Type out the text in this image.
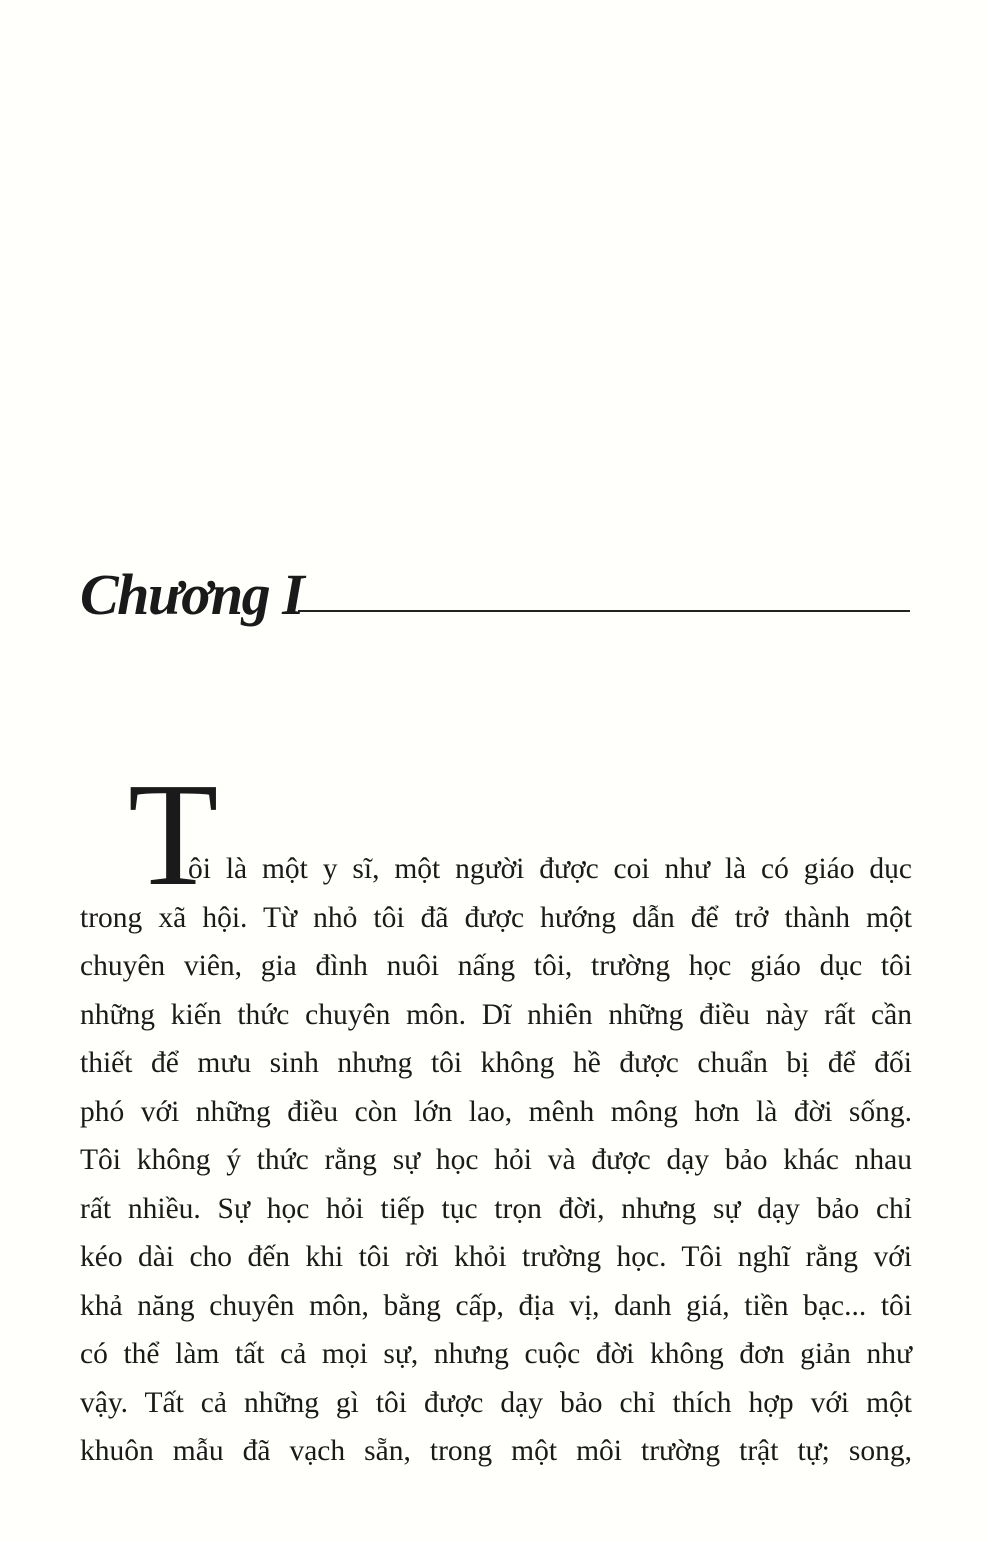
Chương I
T
ôi là một y sĩ, một người được coi như là có giáo dục
trong xã hội. Từ nhỏ tôi đã được hướng dẫn để trở thành một
chuyên viên, gia đình nuôi nấng tôi, trường học giáo dục tôi
những kiến thức chuyên môn. Dĩ nhiên những điều này rất cần
thiết để mưu sinh nhưng tôi không hề được chuẩn bị để đối
phó với những điều còn lớn lao, mênh mông hơn là đời sống.
Tôi không ý thức rằng sự học hỏi và được dạy bảo khác nhau
rất nhiều. Sự học hỏi tiếp tục trọn đời, nhưng sự dạy bảo chỉ
kéo dài cho đến khi tôi rời khỏi trường học. Tôi nghĩ rằng với
khả năng chuyên môn, bằng cấp, địa vị, danh giá, tiền bạc... tôi
có thể làm tất cả mọi sự, nhưng cuộc đời không đơn giản như
vậy. Tất cả những gì tôi được dạy bảo chỉ thích hợp với một
khuôn mẫu đã vạch sẵn, trong một môi trường trật tự; song,
